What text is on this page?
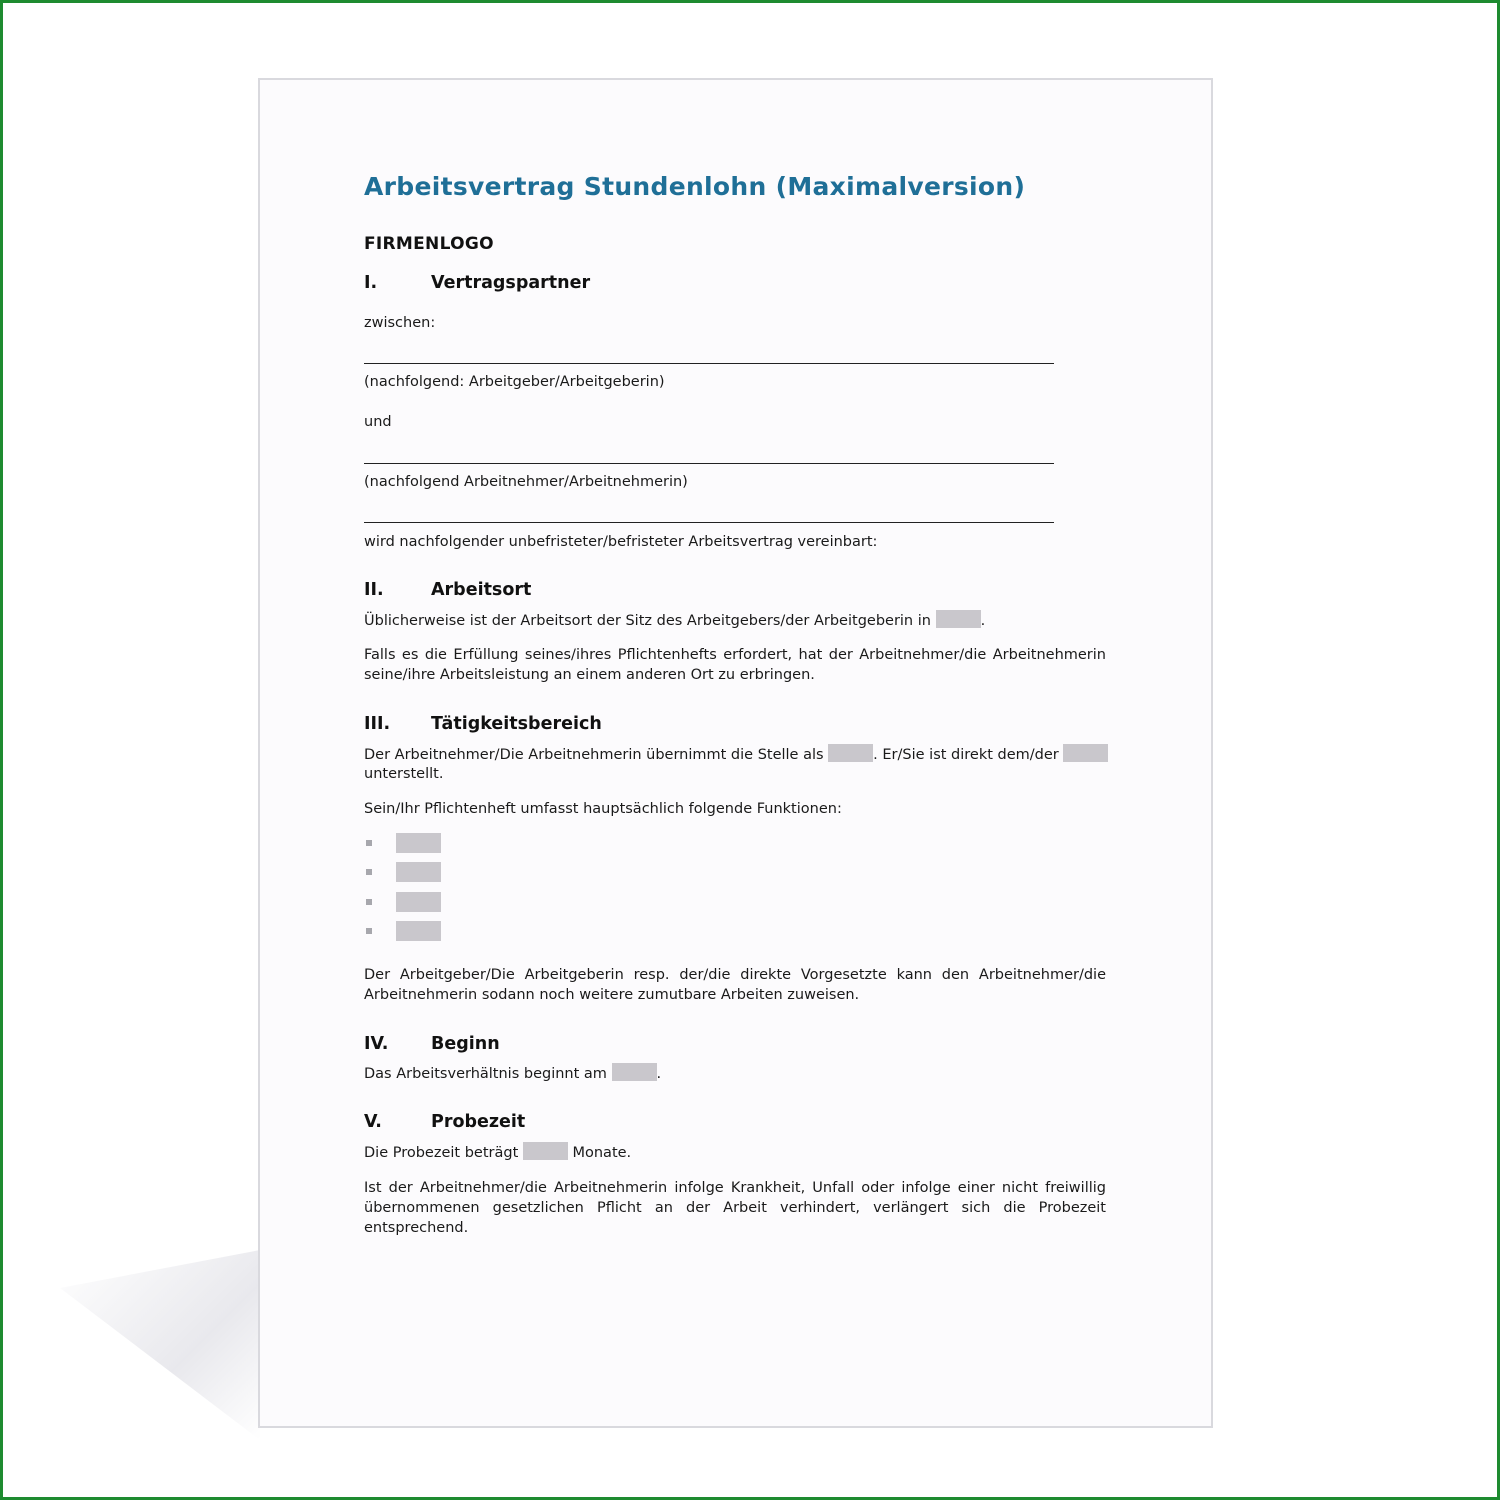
Arbeitsvertrag Stundenlohn (Maximalversion)
FIRMENLOGO
I.	Vertragspartner
zwischen:
(nachfolgend: Arbeitgeber/Arbeitgeberin)
und
(nachfolgend Arbeitnehmer/Arbeitnehmerin)
wird nachfolgender unbefristeter/befristeter Arbeitsvertrag vereinbart:
II.	Arbeitsort
Üblicherweise ist der Arbeitsort der Sitz des Arbeitgebers/der Arbeitgeberin in	.
Falls es die Erfüllung seines/ihres Pflichtenhefts erfordert, hat der Arbeitnehmer/die Arbeitnehmerin seine/ihre Arbeitsleistung an einem anderen Ort zu erbringen.
III. Tätigkeitsbereich
Der Arbeitnehmer/Die Arbeitnehmerin übernimmt die Stelle als	. Er/Sie ist direkt dem/der
unterstellt.
Sein/Ihr Pflichtenheft umfasst hauptsächlich folgende Funktionen:
Der Arbeitgeber/Die Arbeitgeberin resp. der/die direkte Vorgesetzte kann den Arbeitnehmer/die Arbeitnehmerin sodann noch weitere zumutbare Arbeiten zuweisen.
IV. Beginn
Das Arbeitsverhältnis beginnt am	.
V.	Probezeit
Die Probezeit beträgt	Monate.
Ist der Arbeitnehmer/die Arbeitnehmerin infolge Krankheit, Unfall oder infolge einer nicht freiwillig übernommenen gesetzlichen Pflicht an der Arbeit verhindert, verlängert sich die Probezeit entsprechend.
